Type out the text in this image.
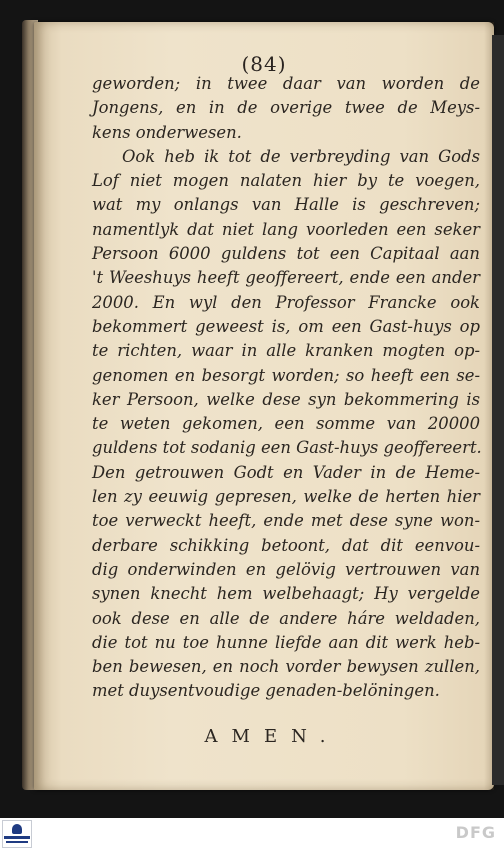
(84)
AMEN.
geworden; in twee daar van worden de
Jongens, en in de overige twee de Meys-
kens onderwesen.
Ook heb ik tot de verbreyding van Gods
Lof niet mogen nalaten hier by te voegen,
wat my onlangs van Halle is geschreven;
namentlyk dat niet lang voorleden een seker
Persoon 6000 guldens tot een Capitaal aan
't Weeshuys heeft geoffereert, ende een ander
2000. En wyl den Professor Francke ook
bekommert geweest is, om een Gast-huys op
te richten, waar in alle kranken mogten op-
genomen en besorgt worden; so heeft een se-
ker Persoon, welke dese syn bekommering is
te weten gekomen, een somme van 20000
guldens tot sodanig een Gast-huys geoffereert.
Den getrouwen Godt en Vader in de Heme-
len zy eeuwig gepresen, welke de herten hier
toe verweckt heeft, ende met dese syne won-
derbare schikking betoont, dat dit eenvou-
dig onderwinden en gelövig vertrouwen van
synen knecht hem welbehaagt; Hy vergelde
ook dese en alle de andere háre weldaden,
die tot nu toe hunne liefde aan dit werk heb-
ben bewesen, en noch vorder bewysen zullen,
met duysentvoudige genaden-belöningen.
DFG
